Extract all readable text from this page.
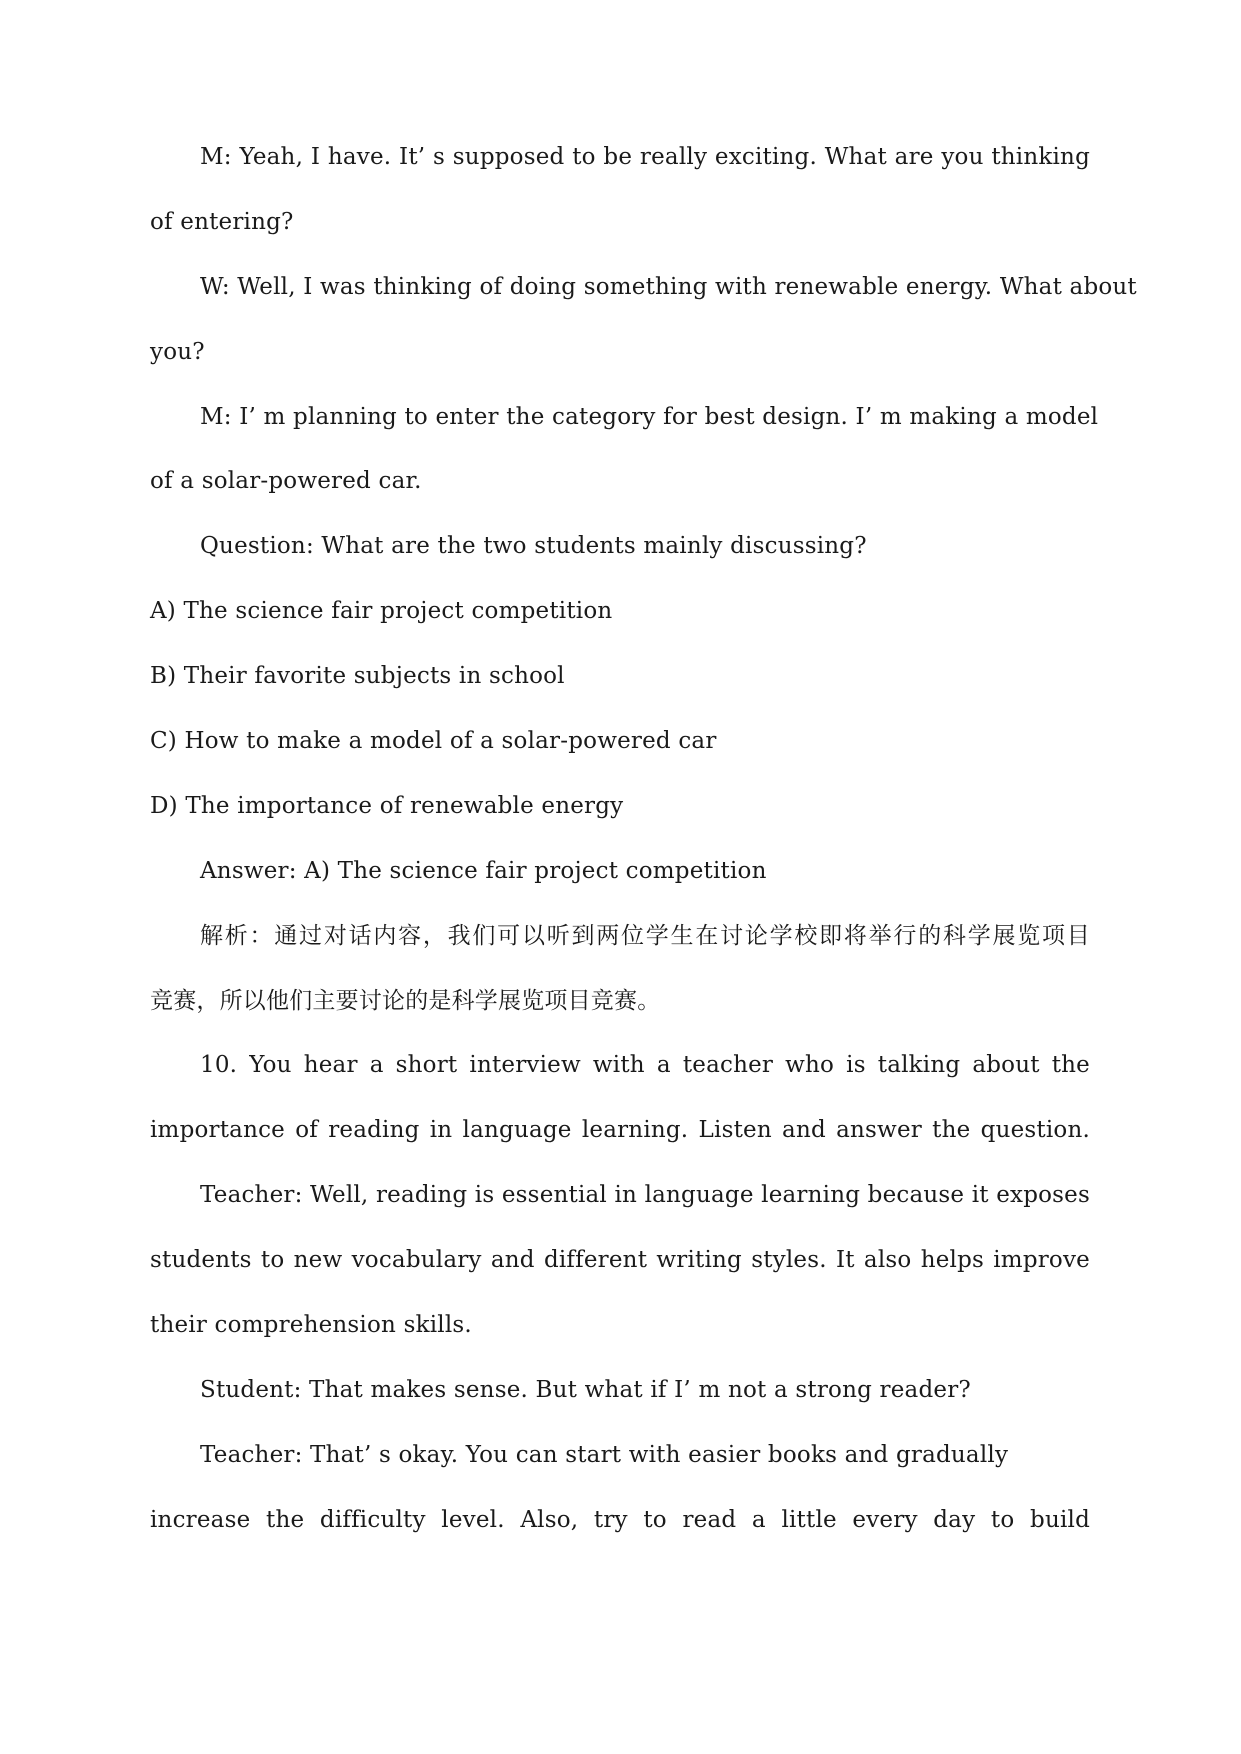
M: Yeah, I have. It’ s supposed to be really exciting. What are you thinking
of entering?
W: Well, I was thinking of doing something with renewable energy. What about
you?
M: I’ m planning to enter the category for best design. I’ m making a model
of a solar-powered car.
Question: What are the two students mainly discussing?
A) The science fair project competition
B) Their favorite subjects in school
C) How to make a model of a solar-powered car
D) The importance of renewable energy
Answer: A) The science fair project competition
解析：通过对话内容，我们可以听到两位学生在讨论学校即将举行的科学展览项目
竞赛，所以他们主要讨论的是科学展览项目竞赛。
10. You hear a short interview with a teacher who is talking about the
importance of reading in language learning. Listen and answer the question.
Teacher: Well, reading is essential in language learning because it exposes
students to new vocabulary and different writing styles. It also helps improve
their comprehension skills.
Student: That makes sense. But what if I’ m not a strong reader?
Teacher: That’ s okay. You can start with easier books and gradually
increase the difficulty level. Also, try to read a little every day to build
